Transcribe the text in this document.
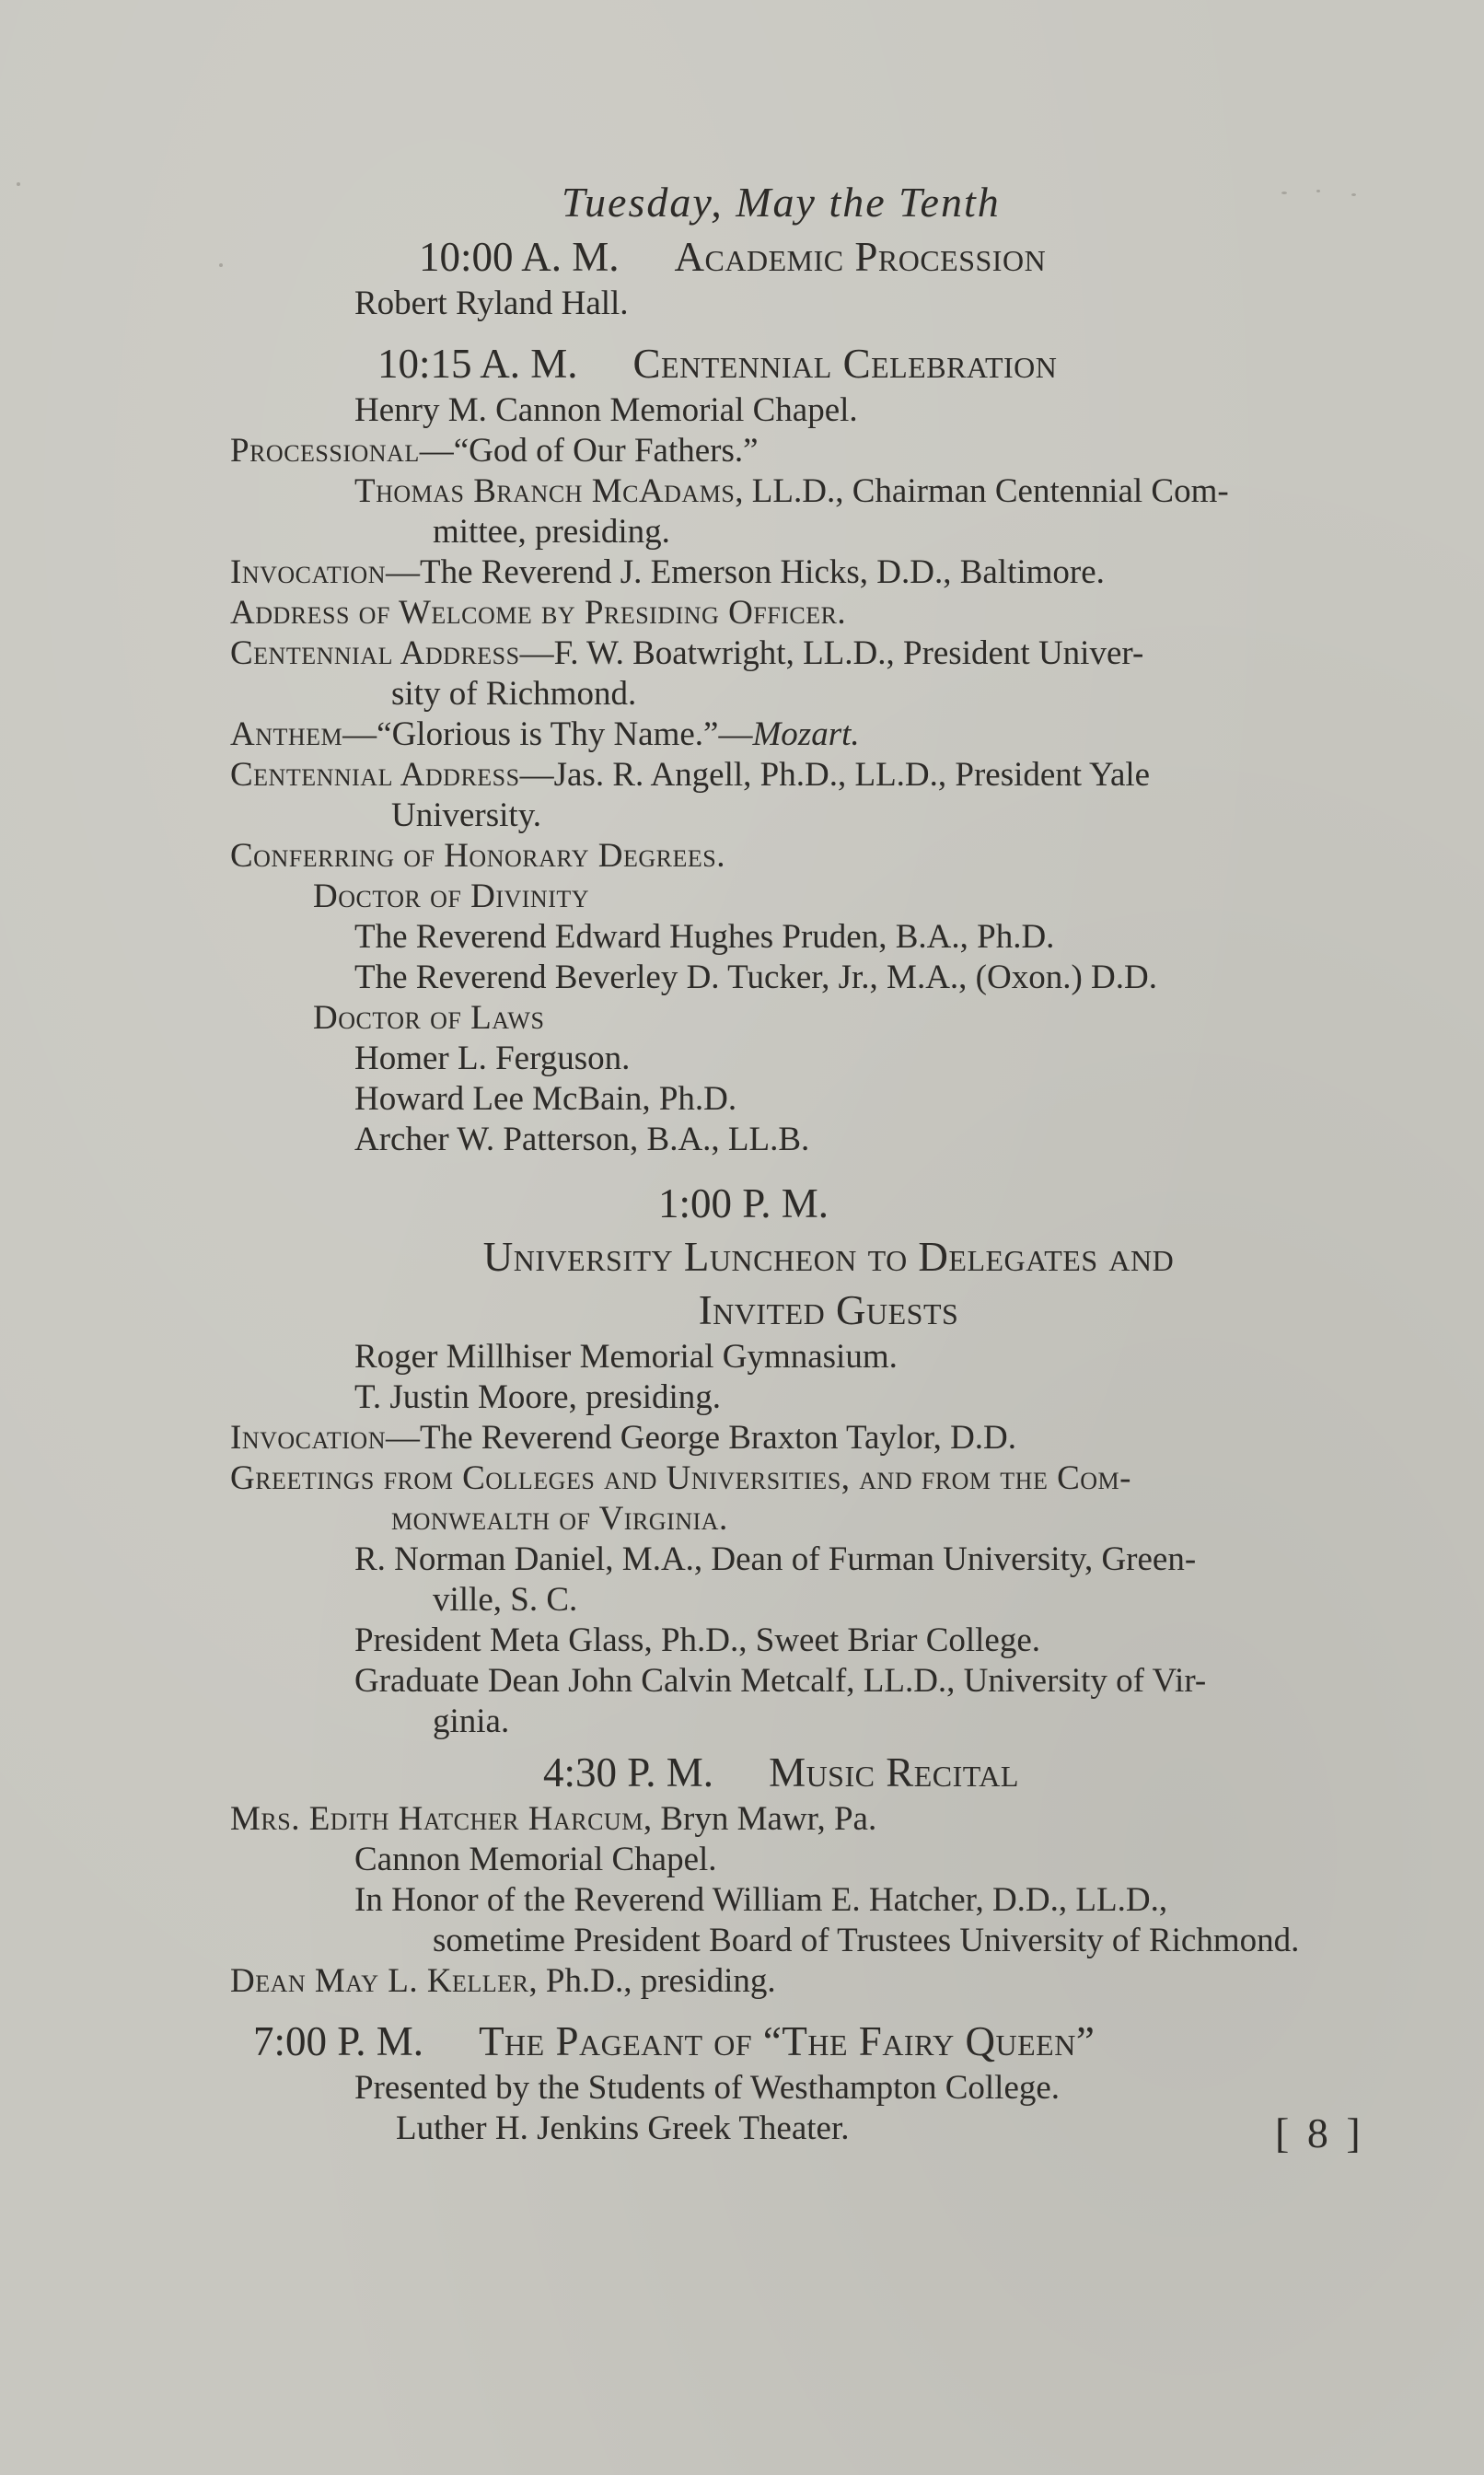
Tuesday, May the Tenth
10:00 A. M. Academic Procession
Robert Ryland Hall.
10:15 A. M. Centennial Celebration
Henry M. Cannon Memorial Chapel.
Processional—“God of Our Fathers.”
Thomas Branch McAdams, LL.D., Chairman Centennial Com-
mittee, presiding.
Invocation—The Reverend J. Emerson Hicks, D.D., Baltimore.
Address of Welcome by Presiding Officer.
Centennial Address—F. W. Boatwright, LL.D., President Univer-
sity of Richmond.
Anthem—“Glorious is Thy Name.”—Mozart.
Centennial Address—Jas. R. Angell, Ph.D., LL.D., President Yale
University.
Conferring of Honorary Degrees.
Doctor of Divinity
The Reverend Edward Hughes Pruden, B.A., Ph.D.
The Reverend Beverley D. Tucker, Jr., M.A., (Oxon.) D.D.
Doctor of Laws
Homer L. Ferguson.
Howard Lee McBain, Ph.D.
Archer W. Patterson, B.A., LL.B.
1:00 P. M.
University Luncheon to Delegates and
Invited Guests
Roger Millhiser Memorial Gymnasium.
T. Justin Moore, presiding.
Invocation—The Reverend George Braxton Taylor, D.D.
Greetings from Colleges and Universities, and from the Com-
monwealth of Virginia.
R. Norman Daniel, M.A., Dean of Furman University, Green-
ville, S. C.
President Meta Glass, Ph.D., Sweet Briar College.
Graduate Dean John Calvin Metcalf, LL.D., University of Vir-
ginia.
4:30 P. M. Music Recital
Mrs. Edith Hatcher Harcum, Bryn Mawr, Pa.
Cannon Memorial Chapel.
In Honor of the Reverend William E. Hatcher, D.D., LL.D.,
sometime President Board of Trustees University of Richmond.
Dean May L. Keller, Ph.D., presiding.
7:00 P. M. The Pageant of “The Fairy Queen”
Presented by the Students of Westhampton College.
Luther H. Jenkins Greek Theater.	[ 8 ]
